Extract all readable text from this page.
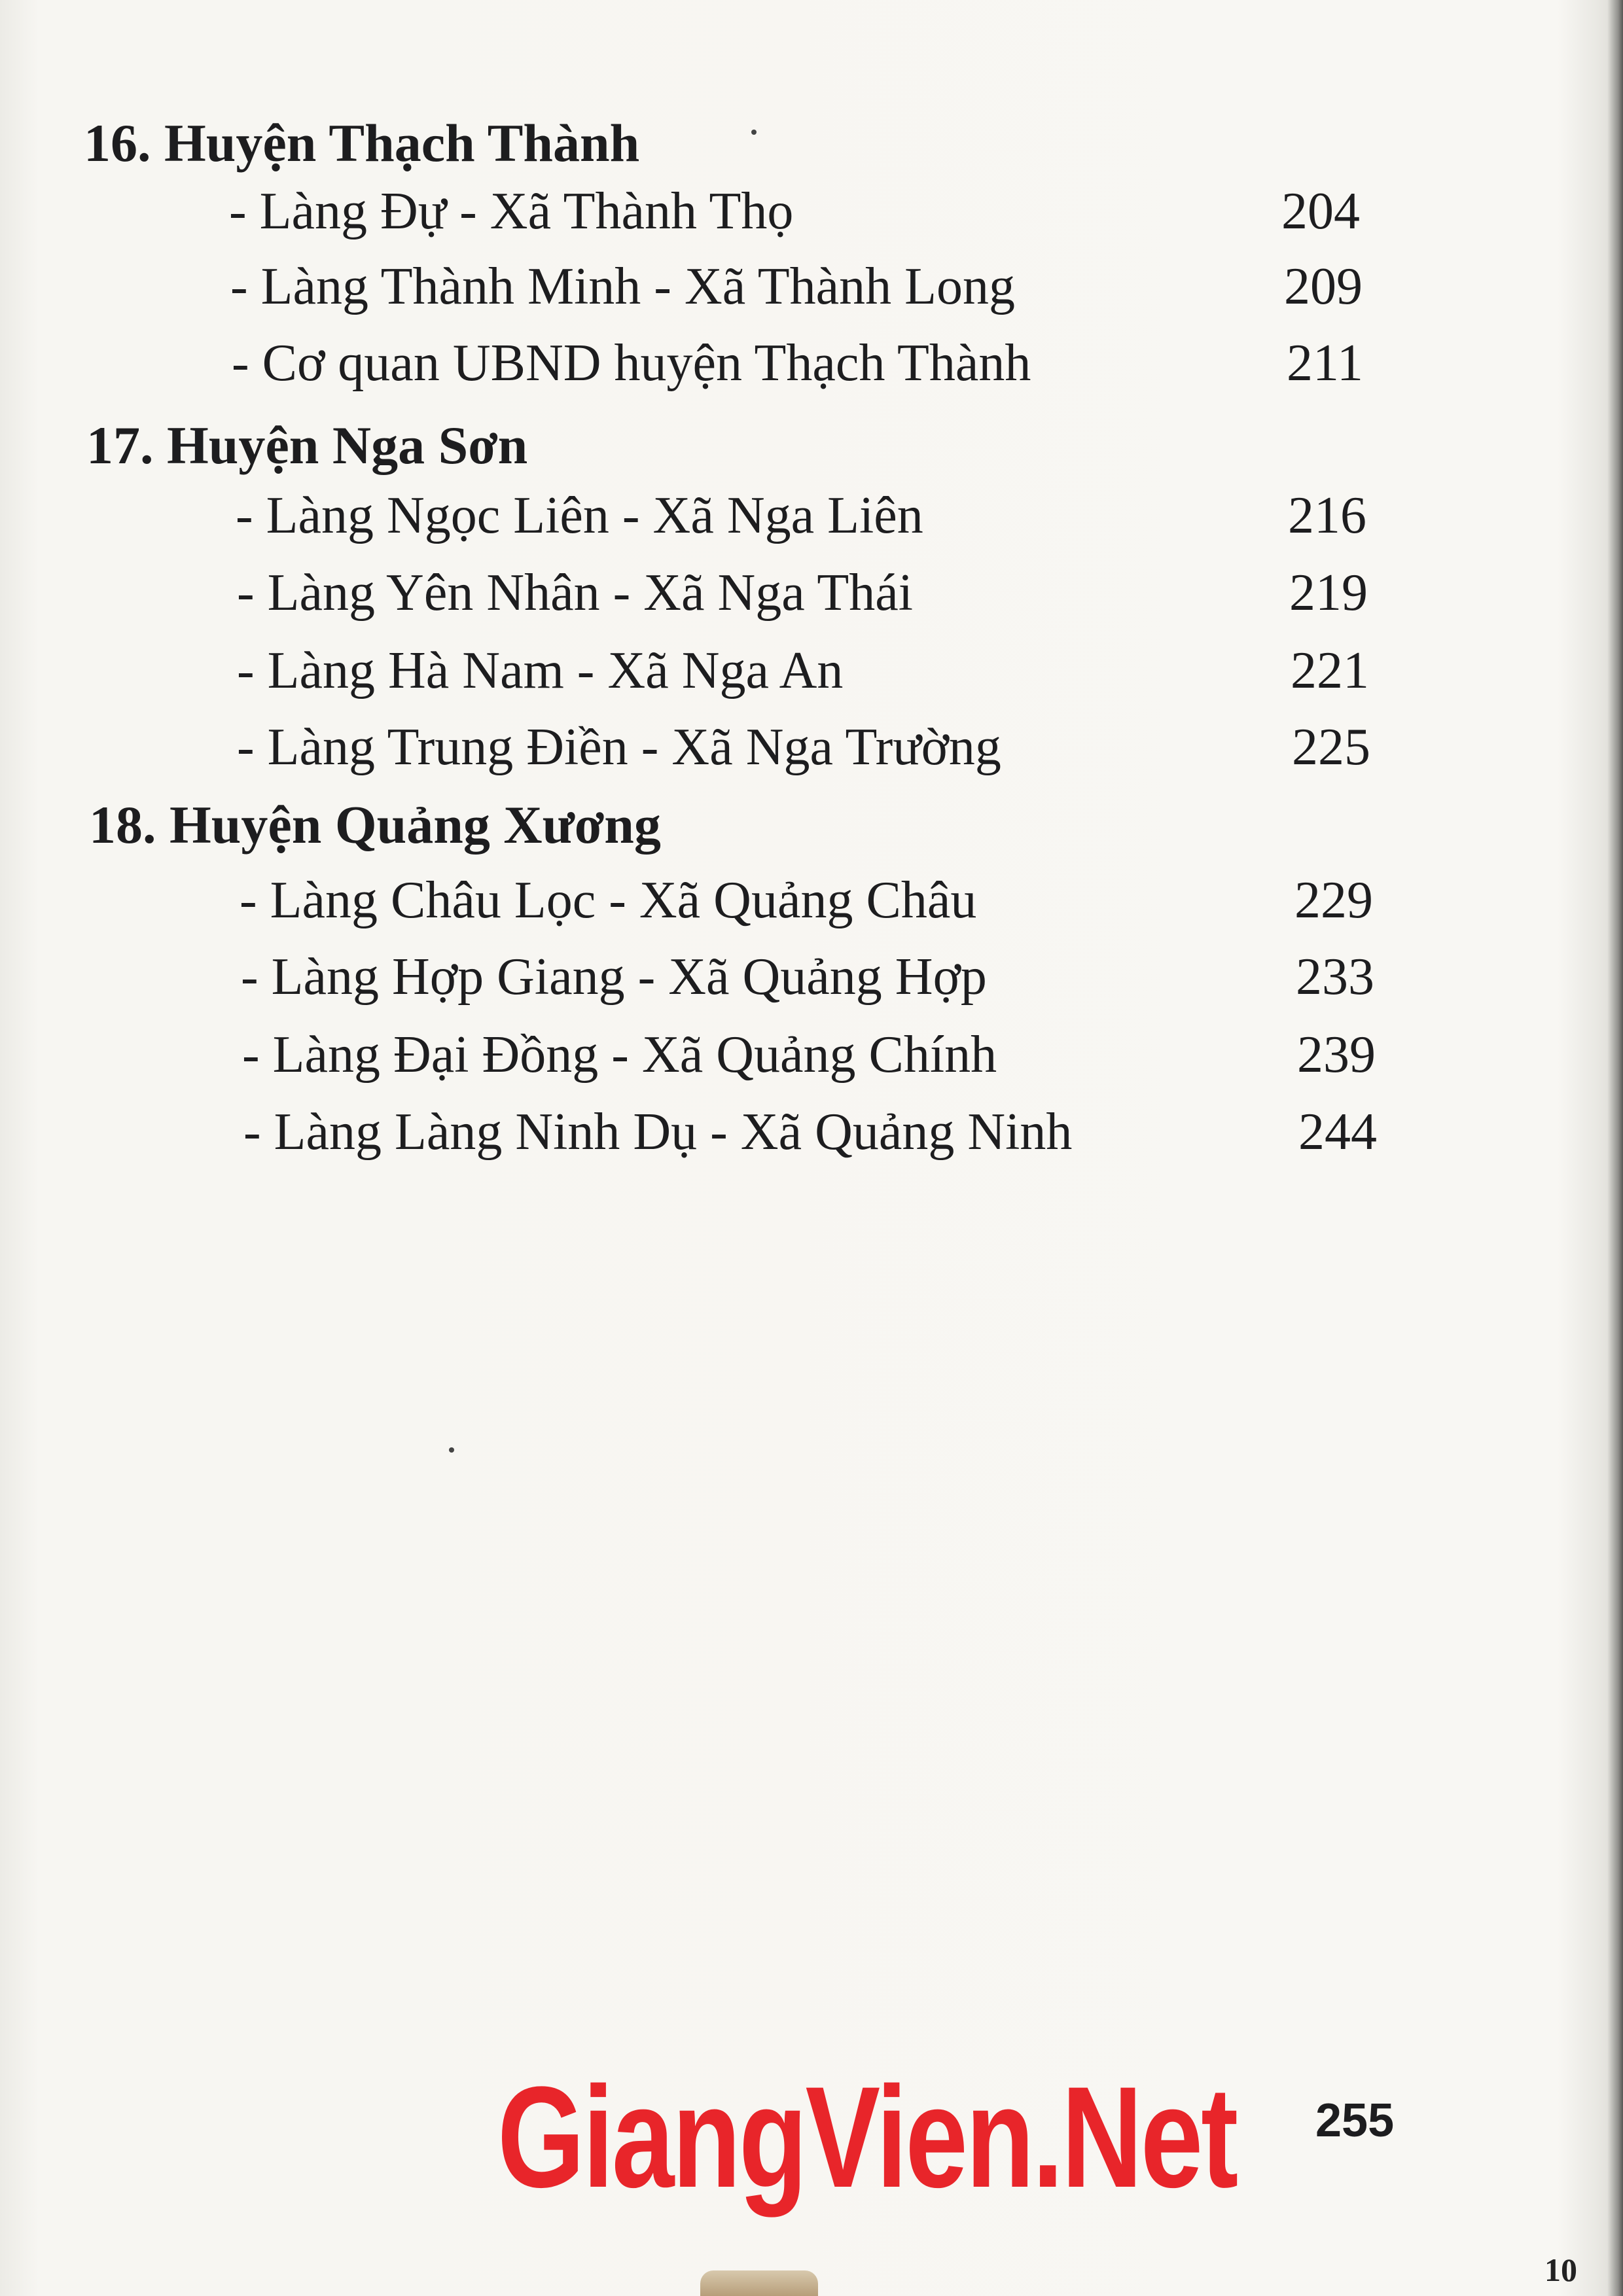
16. Huyện Thạch Thành
- Làng Đự - Xã Thành Thọ	204
- Làng Thành Minh - Xã Thành Long	209
- Cơ quan UBND huyện Thạch Thành	211
17. Huyện Nga Sơn
- Làng Ngọc Liên - Xã Nga Liên	216
- Làng Yên Nhân - Xã Nga Thái	219
- Làng Hà Nam - Xã Nga An	221
- Làng Trung Điền - Xã Nga Trường	225
18. Huyện Quảng Xương
- Làng Châu Lọc - Xã Quảng Châu	229
- Làng Hợp Giang - Xã Quảng Hợp	233
- Làng Đại Đồng - Xã Quảng Chính	239
- Làng Làng Ninh Dụ - Xã Quảng Ninh	244
GiangVien.Net 255
10
